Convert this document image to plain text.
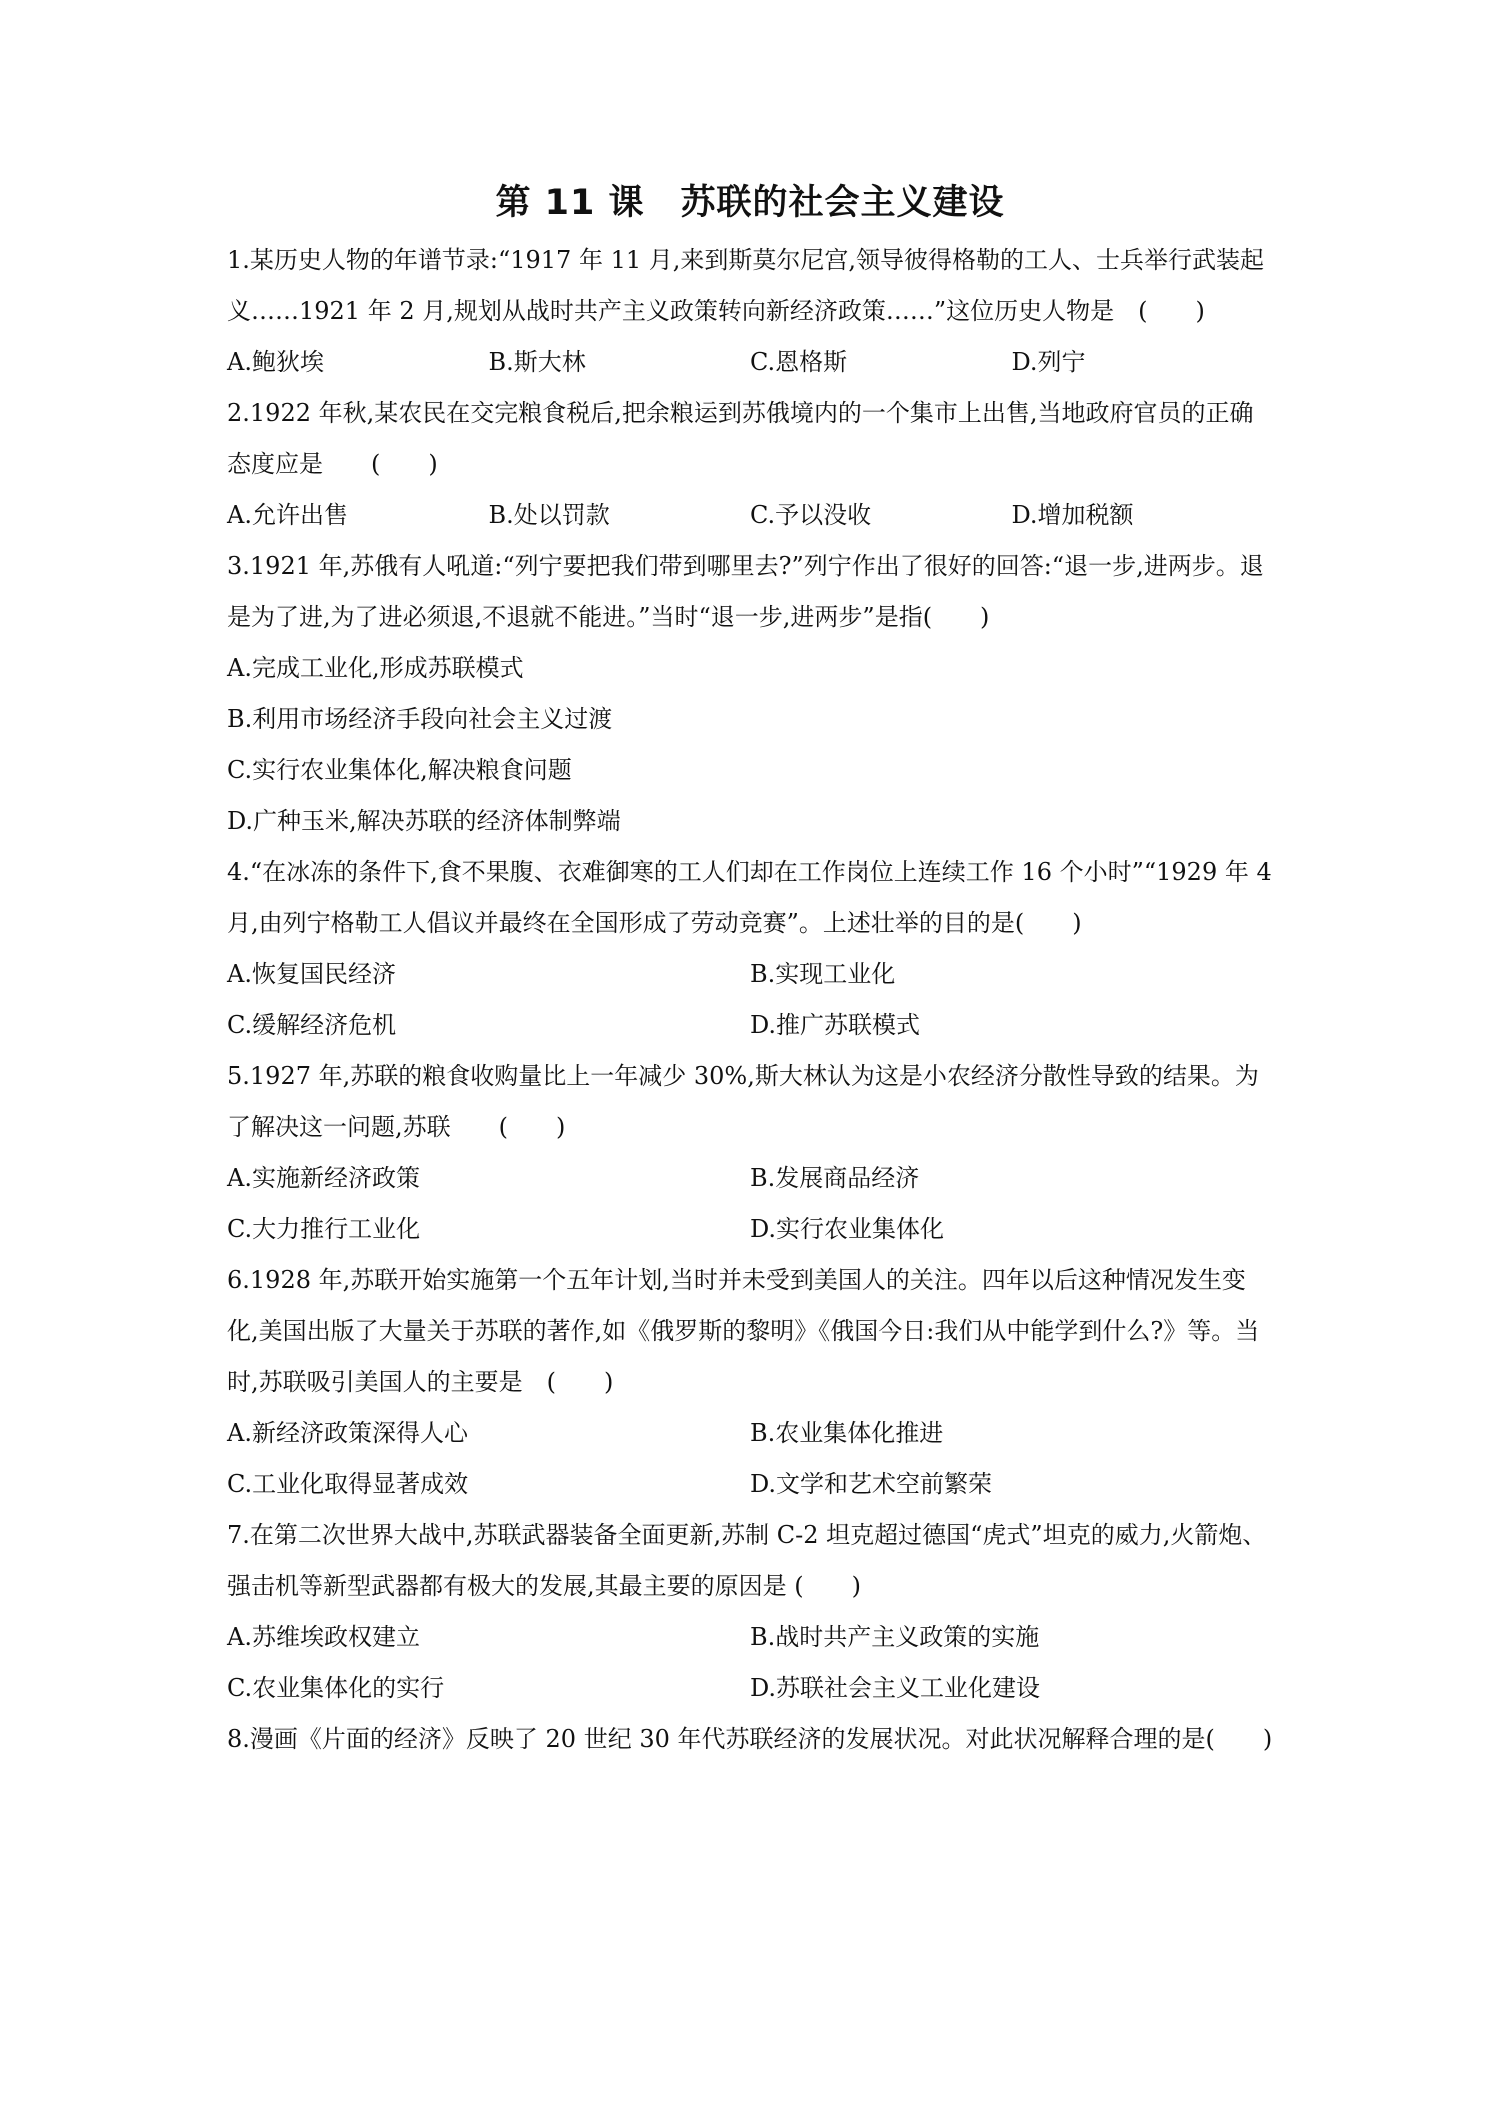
第 11 课　苏联的社会主义建设

1.某历史人物的年谱节录:“1917 年 11 月,来到斯莫尔尼宫,领导彼得格勒的工人、士兵举行武装起义……1921 年 2 月,规划从战时共产主义政策转向新经济政策……”这位历史人物是　(　　)

A.鲍狄埃	B.斯大林	C.恩格斯	D.列宁

2.1922 年秋,某农民在交完粮食税后,把余粮运到苏俄境内的一个集市上出售,当地政府官员的正确态度应是　　(　　)

A.允许出售	B.处以罚款	C.予以没收	D.增加税额

3.1921 年,苏俄有人吼道:“列宁要把我们带到哪里去?”列宁作出了很好的回答:“退一步,进两步。退是为了进,为了进必须退,不退就不能进。”当时“退一步,进两步”是指(　　)

A.完成工业化,形成苏联模式
B.利用市场经济手段向社会主义过渡
C.实行农业集体化,解决粮食问题
D.广种玉米,解决苏联的经济体制弊端

4.“在冰冻的条件下,食不果腹、衣难御寒的工人们却在工作岗位上连续工作 16 个小时”“1929 年 4 月,由列宁格勒工人倡议并最终在全国形成了劳动竞赛”。上述壮举的目的是(　　)

A.恢复国民经济	B.实现工业化
C.缓解经济危机	D.推广苏联模式

5.1927 年,苏联的粮食收购量比上一年减少 30%,斯大林认为这是小农经济分散性导致的结果。为了解决这一问题,苏联　　(　　)

A.实施新经济政策	B.发展商品经济
C.大力推行工业化	D.实行农业集体化

6.1928 年,苏联开始实施第一个五年计划,当时并未受到美国人的关注。四年以后这种情况发生变化,美国出版了大量关于苏联的著作,如《俄罗斯的黎明》《俄国今日:我们从中能学到什么?》等。当时,苏联吸引美国人的主要是　(　　)

A.新经济政策深得人心	B.农业集体化推进
C.工业化取得显著成效	D.文学和艺术空前繁荣

7.在第二次世界大战中,苏联武器装备全面更新,苏制 C-2 坦克超过德国“虎式”坦克的威力,火箭炮、强击机等新型武器都有极大的发展,其最主要的原因是 (　　)

A.苏维埃政权建立	B.战时共产主义政策的实施
C.农业集体化的实行	D.苏联社会主义工业化建设

8.漫画《片面的经济》反映了 20 世纪 30 年代苏联经济的发展状况。对此状况解释合理的是(　　)
